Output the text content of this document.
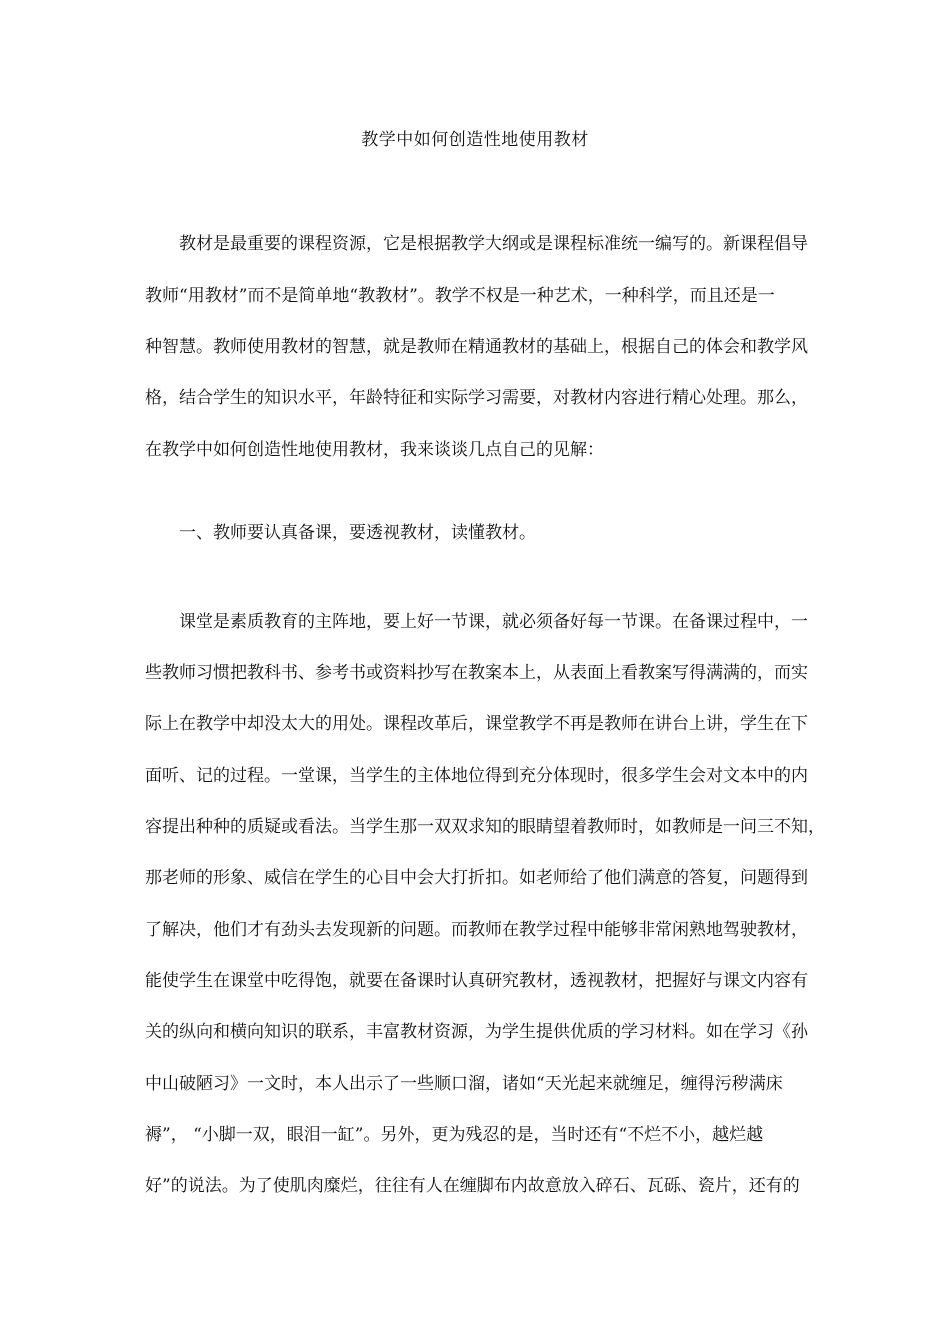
教学中如何创造性地使用教材
教材是最重要的课程资源，它是根据教学大纲或是课程标准统一编写的。新课程倡导
教师“用教材”而不是简单地“教教材”。教学不权是一种艺术，一种科学，而且还是一
种智慧。教师使用教材的智慧，就是教师在精通教材的基础上，根据自己的体会和教学风
格，结合学生的知识水平，年龄特征和实际学习需要，对教材内容进行精心处理。那么，
在教学中如何创造性地使用教材，我来谈谈几点自己的见解：
一、教师要认真备课，要透视教材，读懂教材。
课堂是素质教育的主阵地，要上好一节课，就必须备好每一节课。在备课过程中，一
些教师习惯把教科书、参考书或资料抄写在教案本上，从表面上看教案写得满满的，而实
际上在教学中却没太大的用处。课程改革后，课堂教学不再是教师在讲台上讲，学生在下
面听、记的过程。一堂课，当学生的主体地位得到充分体现时，很多学生会对文本中的内
容提出种种的质疑或看法。当学生那一双双求知的眼睛望着教师时，如教师是一问三不知，
那老师的形象、威信在学生的心目中会大打折扣。如老师给了他们满意的答复，问题得到
了解决，他们才有劲头去发现新的问题。而教师在教学过程中能够非常闲熟地驾驶教材，
能使学生在课堂中吃得饱，就要在备课时认真研究教材，透视教材，把握好与课文内容有
关的纵向和横向知识的联系，丰富教材资源，为学生提供优质的学习材料。如在学习《孙
中山破陋习》一文时，本人出示了一些顺口溜，诸如“天光起来就缠足，缠得污秽满床
褥”， “小脚一双，眼泪一缸”。另外，更为残忍的是，当时还有“不烂不小，越烂越
好”的说法。为了使肌肉糜烂，往往有人在缠脚布内故意放入碎石、瓦砾、瓷片，还有的
